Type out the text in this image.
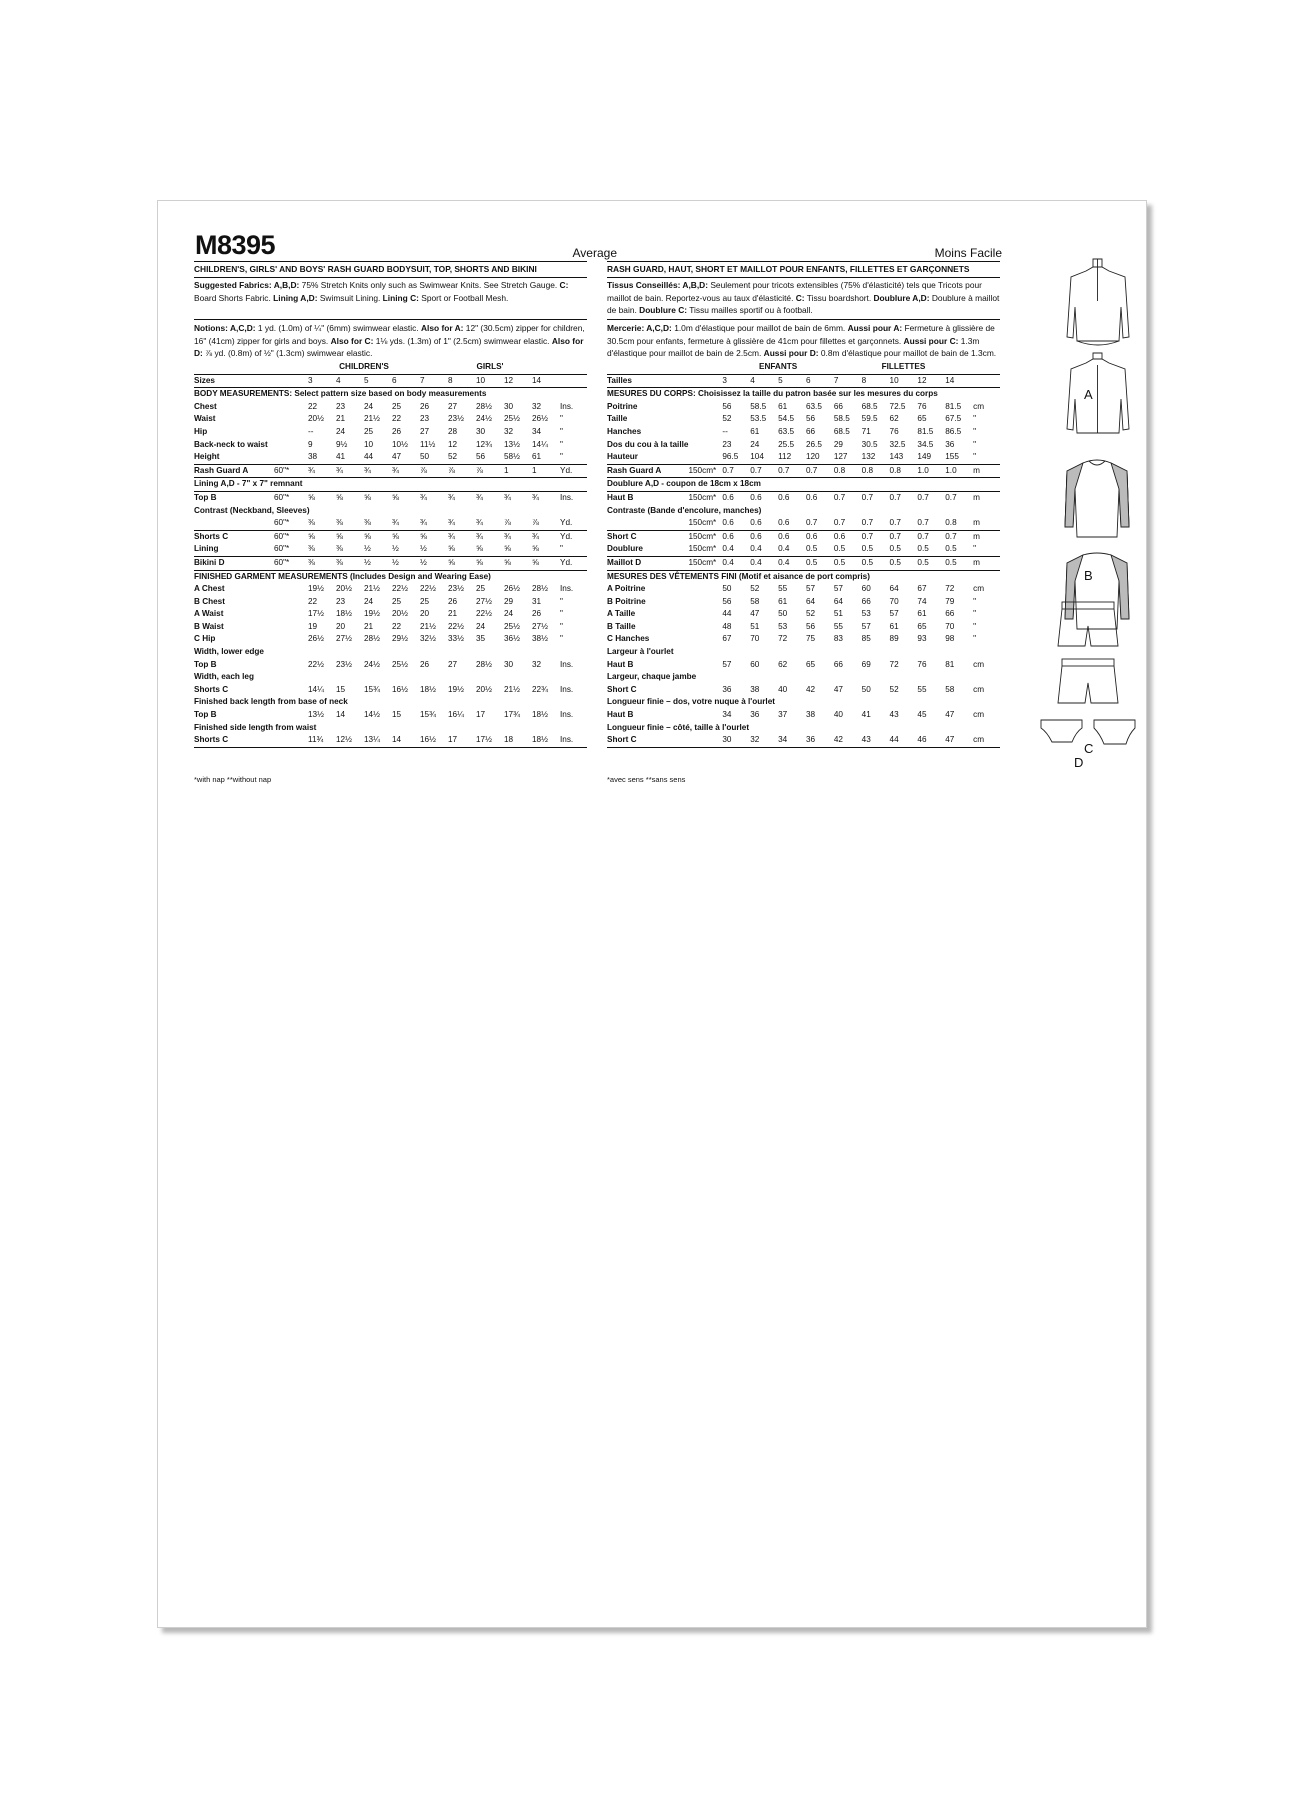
M8395	Average	Moins Facile
CHILDREN'S, GIRLS' AND BOYS' RASH GUARD BODYSUIT, TOP, SHORTS AND BIKINI
Suggested Fabrics: A,B,D: 75% Stretch Knits only such as Swimwear Knits. See Stretch Gauge. C: Board Shorts Fabric. Lining A,D: Swimsuit Lining. Lining C: Sport or Football Mesh.
Notions: A,C,D: 1 yd. (1.0m) of ¼" (6mm) swimwear elastic. Also for A: 12" (30.5cm) zipper for children, 16" (41cm) zipper for girls and boys. Also for C: 1⅛ yds. (1.3m) of 1" (2.5cm) swimwear elastic. Also for D: ⅞ yd. (0.8m) of ½" (1.3cm) swimwear elastic.
		CHILDREN'S				GIRLS'					
Sizes		3	4	5	6	7	8	10	12	14	
BODY MEASUREMENTS: Select pattern size based on body measurements											
Chest		22	23	24	25	26	27	28½	30	32	Ins.
Waist		20½	21	21½	22	23	23½	24½	25½	26½	"
Hip		--	24	25	26	27	28	30	32	34	"
Back-neck to waist		9	9½	10	10½	11½	12	12¾	13½	14¼	"
Height		38	41	44	47	50	52	56	58½	61	"
Rash Guard A	60"*	¾	¾	¾	¾	⅞	⅞	⅞	1	1	Yd.
Lining A,D - 7" x 7" remnant											
Top B	60"*	⅝	⅝	⅝	⅝	¾	¾	¾	¾	¾	Ins.
Contrast (Neckband, Sleeves)											
	60"*	⅜	⅜	⅜	¾	¾	¾	¾	⅞	⅞	Yd.
Shorts C	60"*	⅝	⅝	⅝	⅝	⅝	¾	¾	¾	¾	Yd.
Lining	60"*	⅜	⅜	½	½	½	⅝	⅝	⅝	⅝	"
Bikini D	60"*	⅜	⅜	½	½	½	⅝	⅝	⅝	⅝	Yd.
FINISHED GARMENT MEASUREMENTS (Includes Design and Wearing Ease)											
A Chest		19½	20½	21½	22½	22½	23½	25	26½	28½	Ins.
B Chest		22	23	24	25	25	26	27½	29	31	"
A Waist		17½	18½	19½	20½	20	21	22½	24	26	"
B Waist		19	20	21	22	21½	22½	24	25½	27½	"
C Hip		26½	27½	28½	29½	32½	33½	35	36½	38½	"
Width, lower edge											
Top B		22½	23½	24½	25½	26	27	28½	30	32	Ins.
Width, each leg											
Shorts C		14¼	15	15¾	16½	18½	19½	20½	21½	22¾	Ins.
Finished back length from base of neck											
Top B		13½	14	14½	15	15¾	16¼	17	17¾	18½	Ins.
Finished side length from waist											
Shorts C		11¾	12½	13¼	14	16½	17	17½	18	18½	Ins.
*with nap **without nap
RASH GUARD, HAUT, SHORT ET MAILLOT POUR ENFANTS, FILLETTES ET GARÇONNETS
Tissus Conseillés: A,B,D: Seulement pour tricots extensibles (75% d'élasticité) tels que Tricots pour maillot de bain. Reportez-vous au taux d'élasticité. C: Tissu boardshort. Doublure A,D: Doublure à maillot de bain. Doublure C: Tissu mailles sportif ou à football.
Mercerie: A,C,D: 1.0m d'élastique pour maillot de bain de 6mm. Aussi pour A: Fermeture à glissière de 30.5cm pour enfants, fermeture à glissière de 41cm pour fillettes et garçonnets. Aussi pour C: 1.3m d'élastique pour maillot de bain de 2.5cm. Aussi pour D: 0.8m d'élastique pour maillot de bain de 1.3cm.
		ENFANTS				FILLETTES					
Tailles		3	4	5	6	7	8	10	12	14	
MESURES DU CORPS: Choisissez la taille du patron basée sur les mesures du corps											
Poitrine		56	58.5	61	63.5	66	68.5	72.5	76	81.5	cm
Taille		52	53.5	54.5	56	58.5	59.5	62	65	67.5	"
Hanches		--	61	63.5	66	68.5	71	76	81.5	86.5	"
Dos du cou à la taille		23	24	25.5	26.5	29	30.5	32.5	34.5	36	"
Hauteur		96.5	104	112	120	127	132	143	149	155	"
Rash Guard A	150cm*	0.7	0.7	0.7	0.7	0.8	0.8	0.8	1.0	1.0	m
Doublure A,D - coupon de 18cm x 18cm											
Haut B	150cm*	0.6	0.6	0.6	0.6	0.7	0.7	0.7	0.7	0.7	m
Contraste (Bande d'encolure, manches)											
	150cm*	0.6	0.6	0.6	0.7	0.7	0.7	0.7	0.7	0.8	m
Short C	150cm*	0.6	0.6	0.6	0.6	0.6	0.7	0.7	0.7	0.7	m
Doublure	150cm*	0.4	0.4	0.4	0.5	0.5	0.5	0.5	0.5	0.5	"
Maillot D	150cm*	0.4	0.4	0.4	0.5	0.5	0.5	0.5	0.5	0.5	m
MESURES DES VÊTEMENTS FINI (Motif et aisance de port compris)											
A Poitrine		50	52	55	57	57	60	64	67	72	cm
B Poitrine		56	58	61	64	64	66	70	74	79	"
A Taille		44	47	50	52	51	53	57	61	66	"
B Taille		48	51	53	56	55	57	61	65	70	"
C Hanches		67	70	72	75	83	85	89	93	98	"
Largeur à l'ourlet											
Haut B		57	60	62	65	66	69	72	76	81	cm
Largeur, chaque jambe											
Short C		36	38	40	42	47	50	52	55	58	cm
Longueur finie – dos, votre nuque à l'ourlet											
Haut B		34	36	37	38	40	41	43	45	47	cm
Longueur finie – côté, taille à l'ourlet											
Short C		30	32	34	36	42	43	44	46	47	cm
*avec sens **sans sens
A
B
C
D
